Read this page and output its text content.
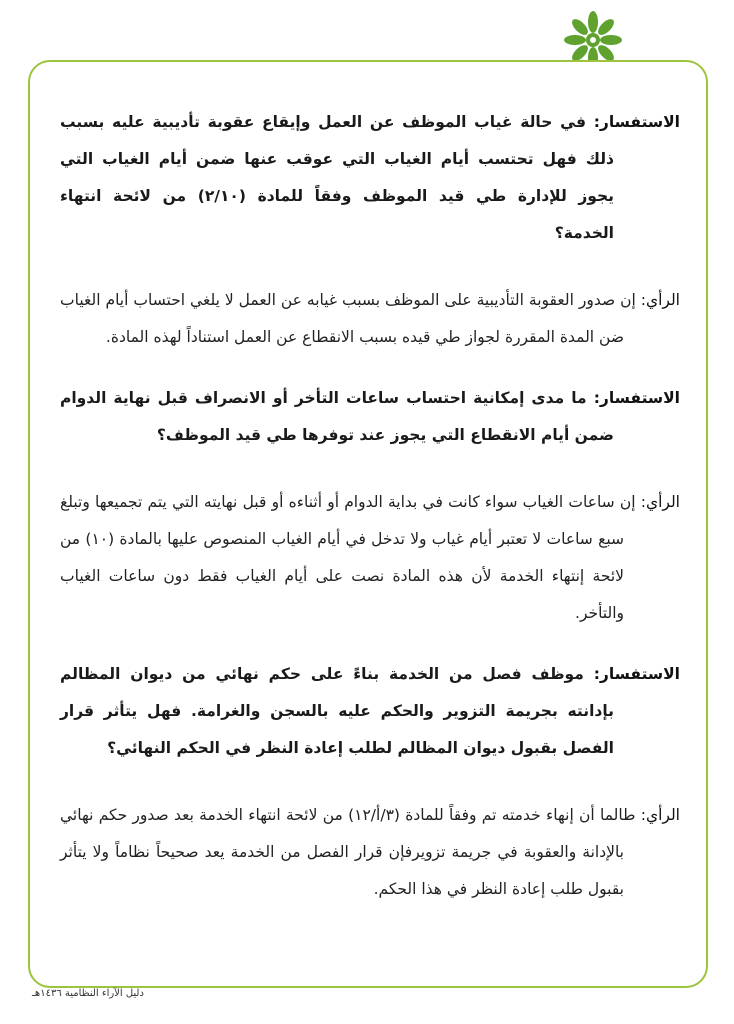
الاستفسار: في حالة غياب الموظف عن العمل وإيقاع عقوبة تأديبية عليه بسبب ذلك فهل تحتسب أيام الغياب التي عوقب عنها ضمن أيام الغياب التي يجوز للإدارة طي قيد الموظف وفقاً للمادة (٢/١٠) من لائحة انتهاء الخدمة؟

الرأي: إن صدور العقوبة التأديبية على الموظف بسبب غيابه عن العمل لا يلغي احتساب أيام الغياب ضن المدة المقررة لجواز طي قيده بسبب الانقطاع عن العمل استناداً لهذه المادة.

الاستفسار: ما مدى إمكانية احتساب ساعات التأخر أو الانصراف قبل نهاية الدوام ضمن أيام الانقطاع التي يجوز عند توفرها طي قيد الموظف؟

الرأي: إن ساعات الغياب سواء كانت في بداية الدوام أو أثناءه أو قبل نهايته التي يتم تجميعها وتبلغ سبع ساعات لا تعتبر أيام غياب ولا تدخل في أيام الغياب المنصوص عليها بالمادة (١٠) من لائحة إنتهاء الخدمة لأن هذه المادة نصت على أيام الغياب فقط دون ساعات الغياب والتأخر.

الاستفسار: موظف فصل من الخدمة بناءً على حكم نهائي من ديوان المظالم بإدانته بجريمة التزوير والحكم عليه بالسجن والغرامة. فهل يتأثر قرار الفصل بقبول ديوان المظالم لطلب إعادة النظر في الحكم النهائي؟

الرأي: طالما أن إنهاء خدمته تم وفقاً للمادة (٣/أ/١٢) من لائحة انتهاء الخدمة بعد صدور حكم نهائي بالإدانة والعقوبة في جريمة تزويرفإن قرار الفصل من الخدمة يعد صحيحاً نظاماً ولا يتأثر بقبول طلب إعادة النظر في هذا الحكم.

دليل الآراء النظامية ١٤٣٦هـ
